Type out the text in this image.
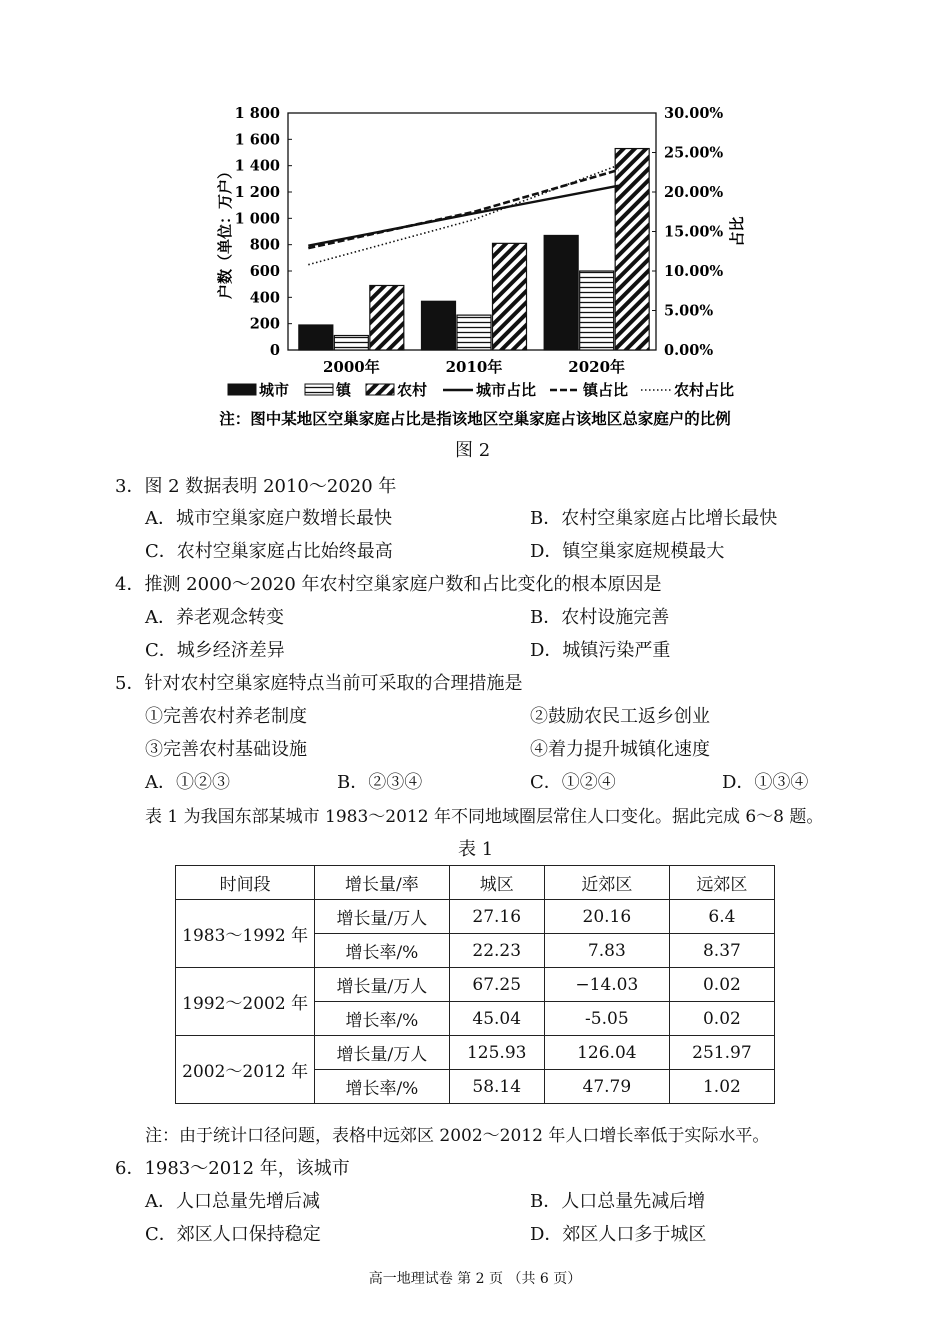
0
200
400
600
800
1 000
1 200
1 400
1 600
1 800
0.00%
5.00%
10.00%
15.00%
20.00%
25.00%
30.00%
户数（单位：万户）	占比
2000年	2010年	2020年
城市	镇	农村	城市占比	镇占比	农村占比
注：图中某地区空巢家庭占比是指该地区空巢家庭占该地区总家庭户的比例
图 2
3．图 2 数据表明 2010～2020 年
A．城市空巢家庭户数增长最快	B．农村空巢家庭占比增长最快
C．农村空巢家庭占比始终最高	D．镇空巢家庭规模最大
4．推测 2000～2020 年农村空巢家庭户数和占比变化的根本原因是
A．养老观念转变	B．农村设施完善
C．城乡经济差异	D．城镇污染严重
5．针对农村空巢家庭特点当前可采取的合理措施是
①完善农村养老制度	②鼓励农民工返乡创业
③完善农村基础设施	④着力提升城镇化速度
A．①②③	B．②③④	C．①②④	D．①③④
表 1 为我国东部某城市 1983～2012 年不同地域圈层常住人口变化。据此完成 6～8 题。
表 1
时间段	增长量/率	城区	近郊区	远郊区
1983～1992 年	增长量/万人	27.16	20.16	6.4
	增长率/%	22.23	7.83	8.37
1992～2002 年	增长量/万人	67.25	−14.03	0.02
	增长率/%	45.04	-5.05	0.02
2002～2012 年	增长量/万人	125.93	126.04	251.97
	增长率/%	58.14	47.79	1.02
注：由于统计口径问题，表格中远郊区 2002～2012 年人口增长率低于实际水平。
6．1983～2012 年，该城市
A．人口总量先增后减	B．人口总量先减后增
C．郊区人口保持稳定	D．郊区人口多于城区
高一地理试卷 第 2 页 （共 6 页）
